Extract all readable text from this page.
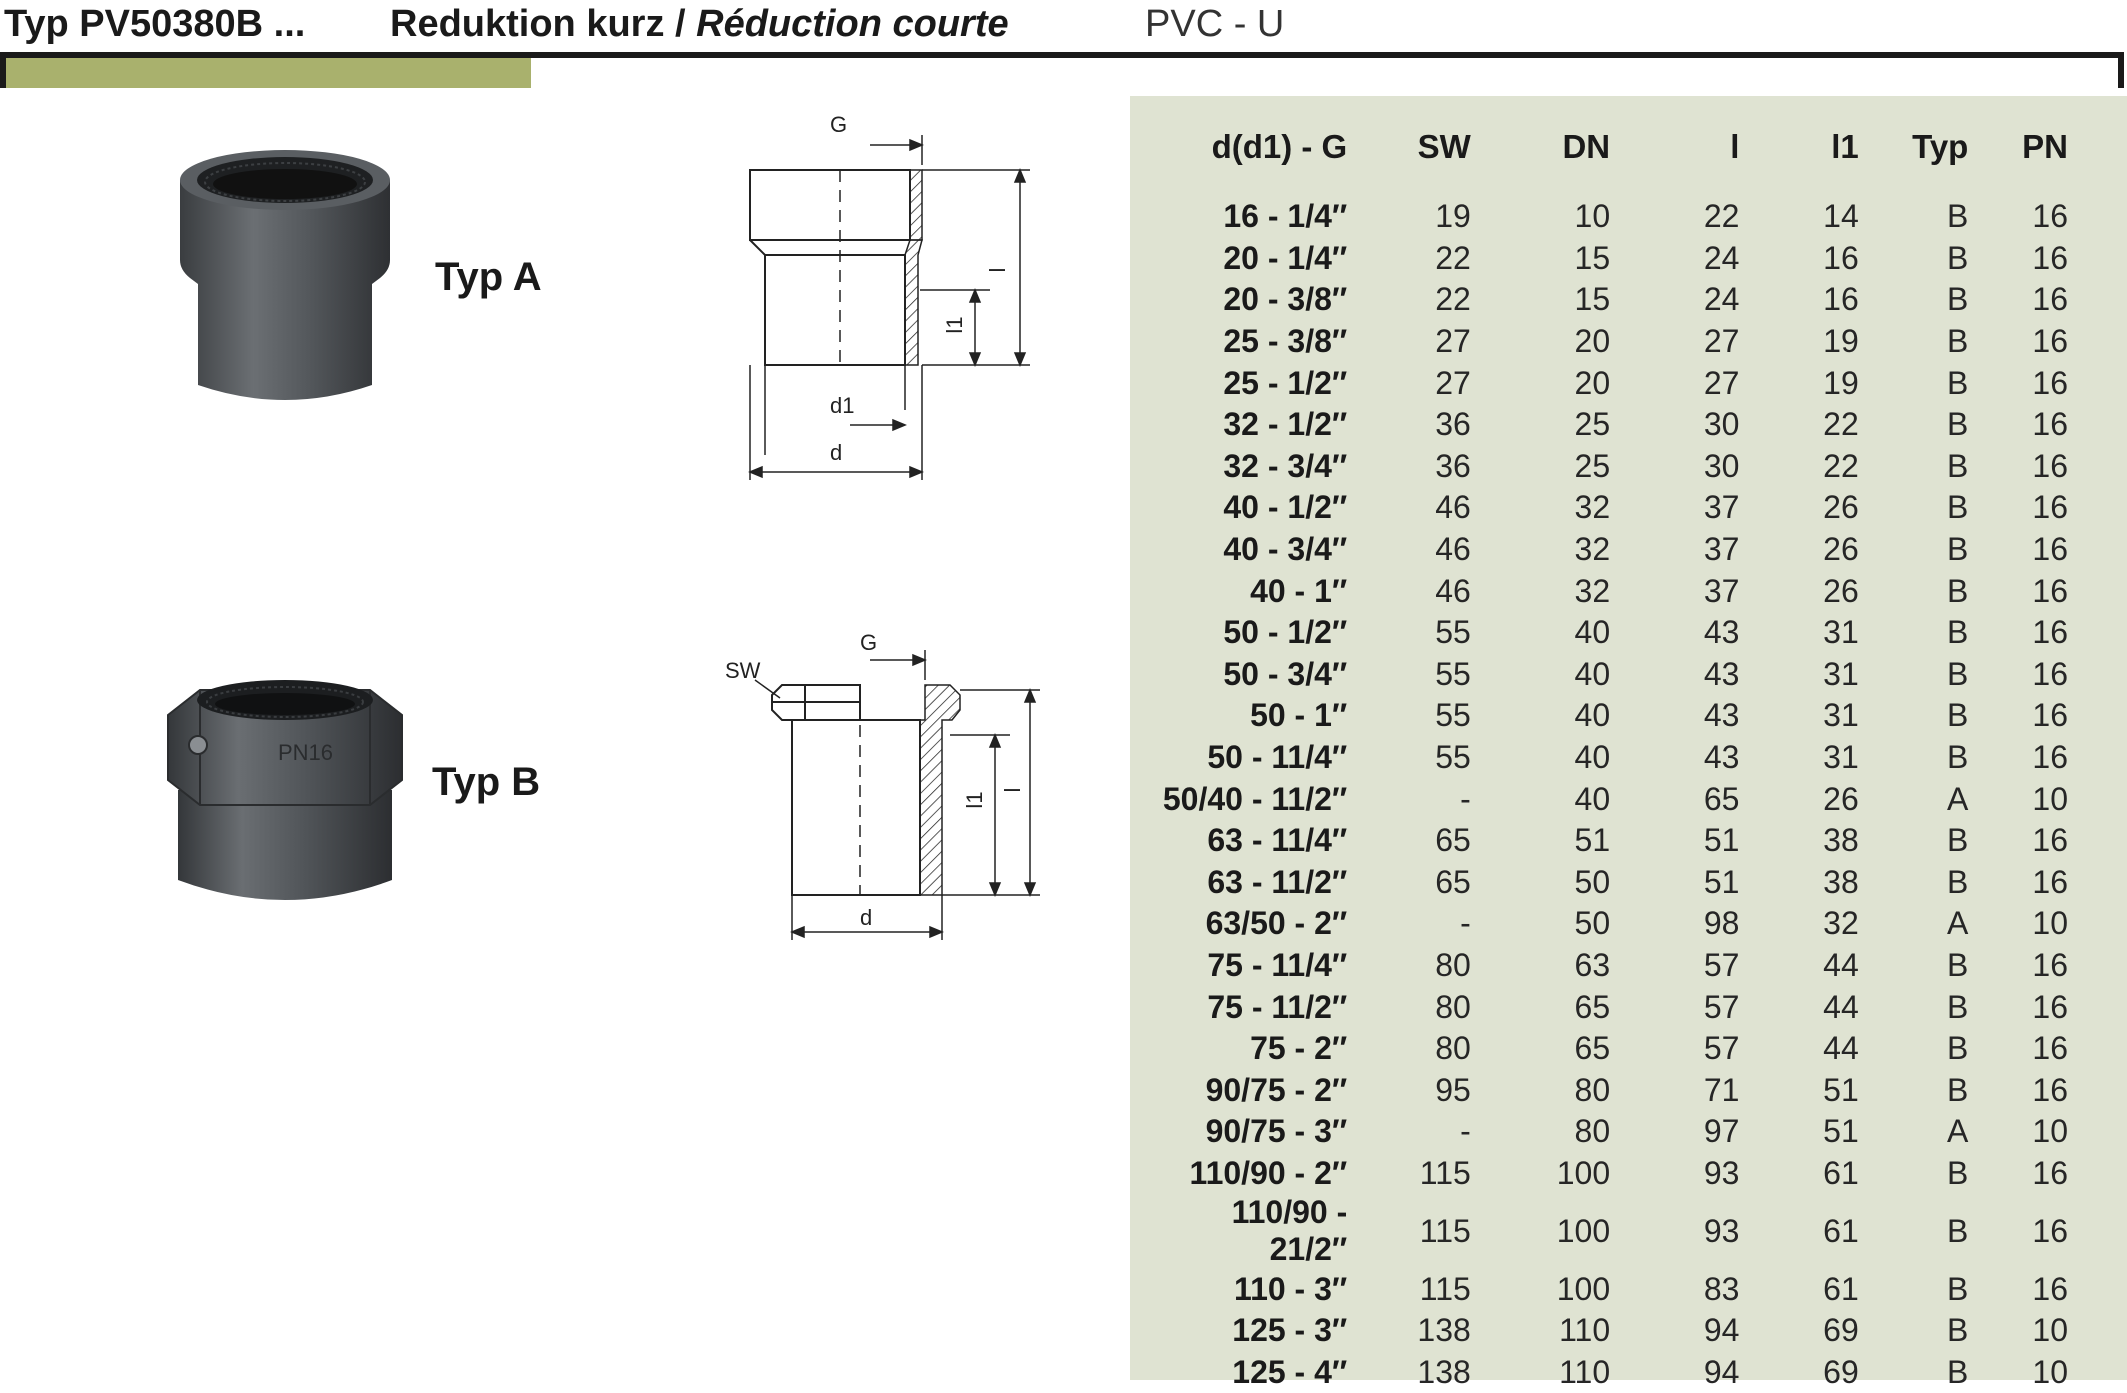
Typ PV50380B ... Reduktion kurz / Réduction courte	PVC - U
Typ A
G
l
l1
d1
d
PN16
Typ B
G
SW
l
l1
d
d(d1) - G	SW	DN	l	l1	Typ	PN

16 - 1/4″	19	10	22	14	B	16
20 - 1/4″	22	15	24	16	B	16
20 - 3/8″	22	15	24	16	B	16
25 - 3/8″	27	20	27	19	B	16
25 - 1/2″	27	20	27	19	B	16
32 - 1/2″	36	25	30	22	B	16
32 - 3/4″	36	25	30	22	B	16
40 - 1/2″	46	32	37	26	B	16
40 - 3/4″	46	32	37	26	B	16
40 - 1″	46	32	37	26	B	16
50 - 1/2″	55	40	43	31	B	16
50 - 3/4″	55	40	43	31	B	16
50 - 1″	55	40	43	31	B	16
50 - 11/4″	55	40	43	31	B	16
50/40 - 11/2″	-	40	65	26	A	10
63 - 11/4″	65	51	51	38	B	16
63 - 11/2″	65	50	51	38	B	16
63/50 - 2″	-	50	98	32	A	10
75 - 11/4″	80	63	57	44	B	16
75 - 11/2″	80	65	57	44	B	16
75 - 2″	80	65	57	44	B	16
90/75 - 2″	95	80	71	51	B	16
90/75 - 3″	-	80	97	51	A	10
110/90 - 2″	115	100	93	61	B	16
110/90 - 21/2″	115	100	93	61	B	16
110 - 3″	115	100	83	61	B	16
125 - 3″	138	110	94	69	B	10
125 - 4″	138	110	94	69	B	10
